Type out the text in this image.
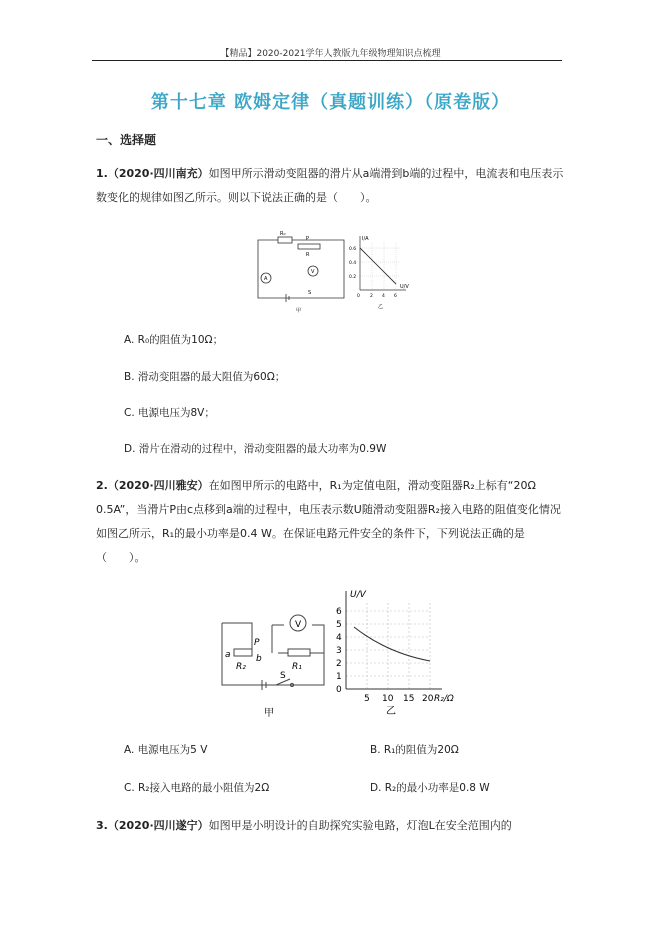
【精品】2020-2021学年人教版九年级物理知识点梳理
第十七章 欧姆定律（真题训练）（原卷版）
一、选择题
1.（2020·四川南充）如图甲所示滑动变阻器的滑片从a端滑到b端的过程中，电流表和电压表示数变化的规律如图乙所示。则以下说法正确的是（　　）。
R₀
P
V
A
S
R
甲
I/A
U/V
0.6
0.4
0.2
0 2 4 6
乙
A. R₀的阻值为10Ω；
B. 滑动变阻器的最大阻值为60Ω；
C. 电源电压为8V；
D. 滑片在滑动的过程中，滑动变阻器的最大功率为0.9W
2.（2020·四川雅安）在如图甲所示的电路中，R₁为定值电阻，滑动变阻器R₂上标有“20Ω 0.5A”，当滑片P由c点移到a端的过程中，电压表示数U随滑动变阻器R₂接入电路的阻值变化情况如图乙所示，R₁的最小功率是0.4 W。在保证电路元件安全的条件下，下列说法正确的是（　　）。
P
V
a	b
R₂	R₁
S
甲
U/V
R₂/Ω
6
5
4
3
2
1
0
5 10 15 20
乙
A. 电源电压为5 V	B. R₁的阻值为20Ω
C. R₂接入电路的最小阻值为2Ω	D. R₂的最小功率是0.8 W
3.（2020·四川遂宁）如图甲是小明设计的自助探究实验电路，灯泡L在安全范围内的
